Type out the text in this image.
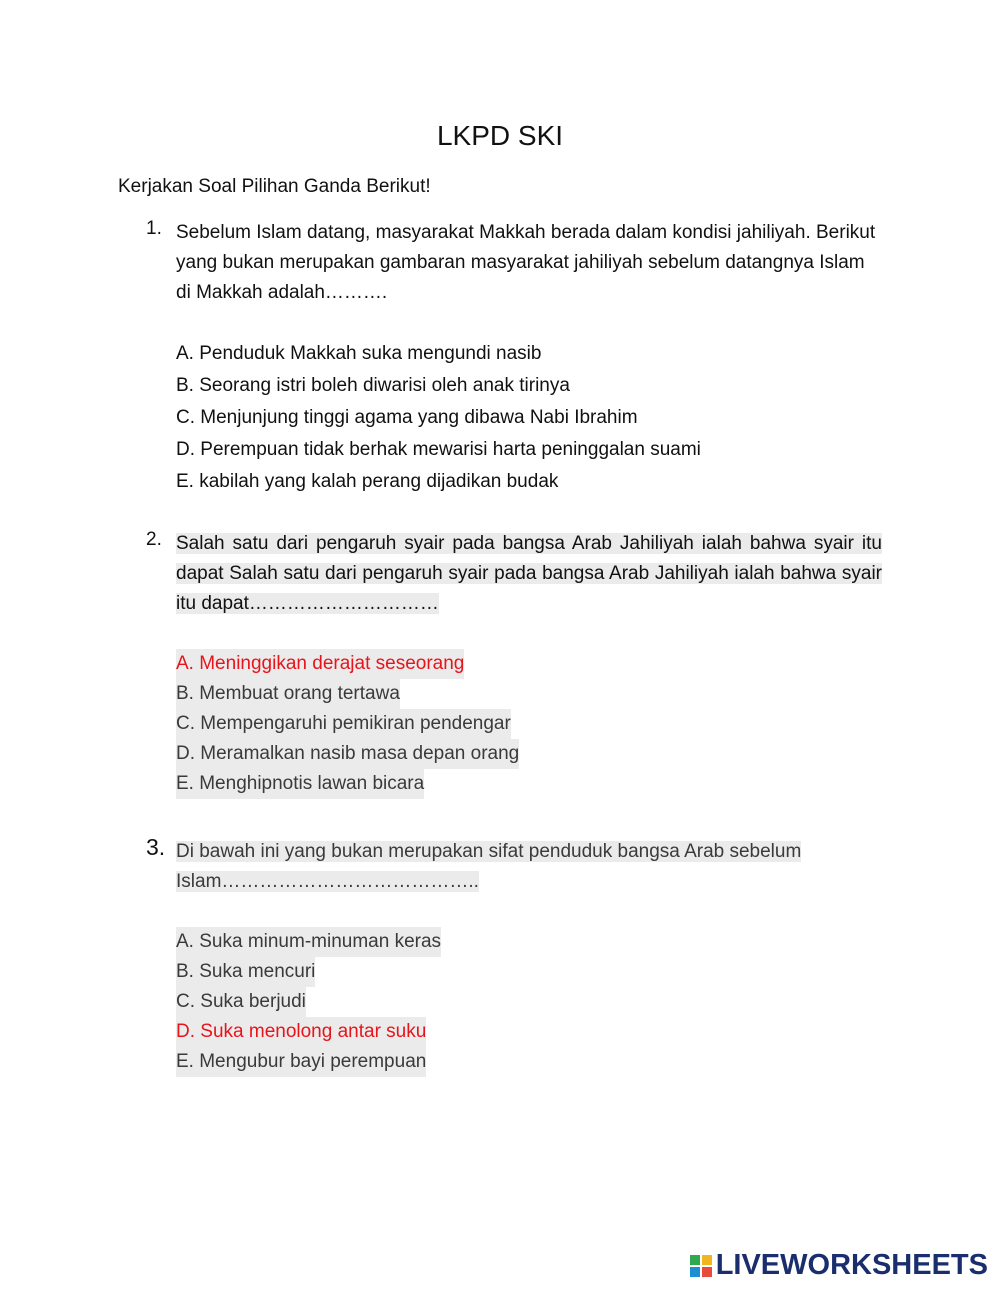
LKPD SKI
Kerjakan Soal Pilihan Ganda Berikut!
1. Sebelum Islam datang, masyarakat Makkah berada dalam kondisi jahiliyah. Berikut yang bukan merupakan gambaran masyarakat jahiliyah sebelum datangnya Islam di Makkah adalah……….
A. Penduduk Makkah suka mengundi nasib
B. Seorang istri boleh diwarisi oleh anak tirinya
C. Menjunjung tinggi agama yang dibawa Nabi Ibrahim
D. Perempuan tidak berhak mewarisi harta peninggalan suami
E. kabilah yang kalah perang dijadikan budak
2. Salah satu dari pengaruh syair pada bangsa Arab Jahiliyah ialah bahwa syair itu dapat Salah satu dari pengaruh syair pada bangsa Arab Jahiliyah ialah bahwa syair itu dapat…………………………
A. Meninggikan derajat seseorang
B. Membuat orang tertawa
C. Mempengaruhi pemikiran pendengar
D. Meramalkan nasib masa depan orang
E. Menghipnotis lawan bicara
3. Di bawah ini yang bukan merupakan sifat penduduk bangsa Arab sebelum Islam…………………………………..
A. Suka minum-minuman keras
B. Suka mencuri
C. Suka berjudi
D. Suka menolong antar suku
E. Mengubur bayi perempuan
LIVEWORKSHEETS
